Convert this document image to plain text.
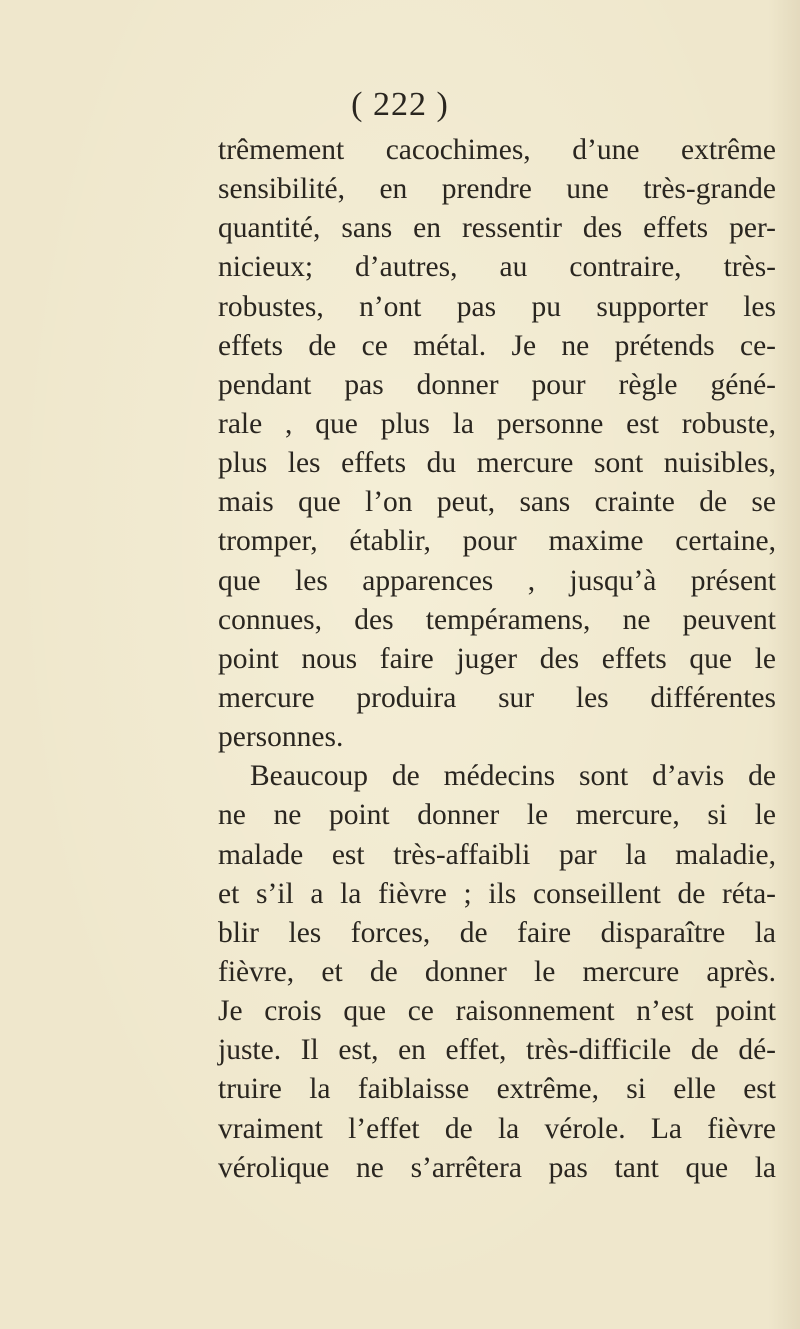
( 222 )
trêmement cacochimes, d’une extrême
sensibilité, en prendre une très-grande
quantité, sans en ressentir des effets per-
nicieux; d’autres, au contraire, très-
robustes, n’ont pas pu supporter les
effets de ce métal. Je ne prétends ce-
pendant pas donner pour règle géné-
rale , que plus la personne est robuste,
plus les effets du mercure sont nuisibles,
mais que l’on peut, sans crainte de se
tromper, établir, pour maxime certaine,
que les apparences , jusqu’à présent
connues, des tempéramens, ne peuvent
point nous faire juger des effets que le
mercure produira sur les différentes
personnes.
Beaucoup de médecins sont d’avis de
ne ne point donner le mercure, si le
malade est très-affaibli par la maladie,
et s’il a la fièvre ; ils conseillent de réta-
blir les forces, de faire disparaître la
fièvre, et de donner le mercure après.
Je crois que ce raisonnement n’est point
juste. Il est, en effet, très-difficile de dé-
truire la faiblaisse extrême, si elle est
vraiment l’effet de la vérole. La fièvre
vérolique ne s’arrêtera pas tant que la
